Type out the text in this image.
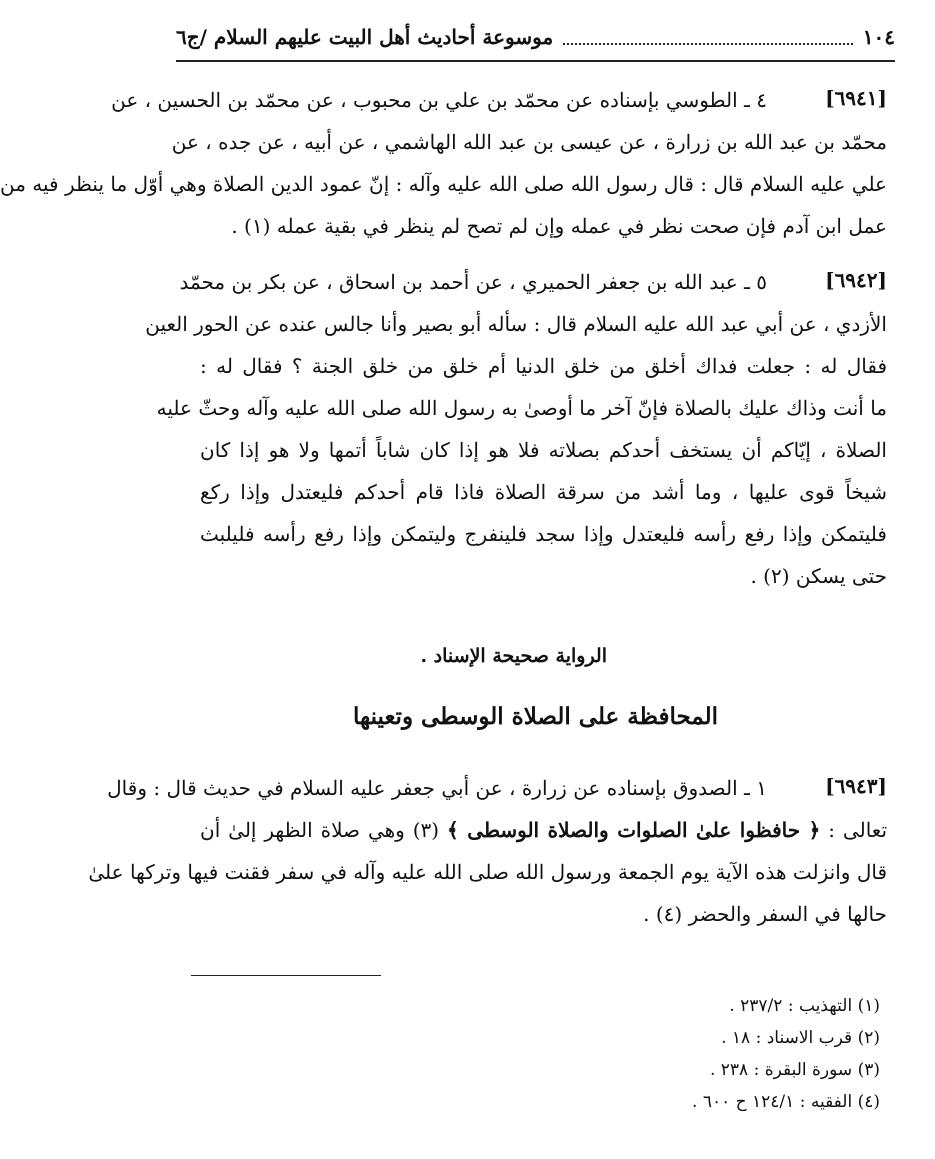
١٠٤
موسوعة أحاديث أهل البيت عليهم السلام /ج٦
[٦٩٤١]
٤ ـ الطوسي بإسناده عن محمّد بن علي بن محبوب ، عن محمّد بن الحسين ، عن
محمّد بن عبد الله بن زرارة ، عن عيسى بن عبد الله الهاشمي ، عن أبيه ، عن جده ، عن
علي عليه السلام قال : قال رسول الله صلى الله عليه وآله : إنّ عمود الدين الصلاة وهي أوّل ما ينظر فيه من
عمل ابن آدم فإن صحت نظر في عمله وإن لم تصح لم ينظر في بقية عمله (١) .
[٦٩٤٢]
٥ ـ عبد الله بن جعفر الحميري ، عن أحمد بن اسحاق ، عن بكر بن محمّد
الأزدي ، عن أبي عبد الله عليه السلام قال : سأله أبو بصير وأنا جالس عنده عن الحور العين
فقال له : جعلت فداك أخلق من خلق الدنيا أم خلق من خلق الجنة ؟ فقال له :
ما أنت وذاك عليك بالصلاة فإنّ آخر ما أوصىٰ به رسول الله صلى الله عليه وآله وحثّ عليه
الصلاة ، إيّاكم أن يستخف أحدكم بصلاته فلا هو إذا كان شاباً أتمها ولا هو إذا كان
شيخاً قوى عليها ، وما أشد من سرقة الصلاة فاذا قام أحدكم فليعتدل وإذا ركع
فليتمكن وإذا رفع رأسه فليعتدل وإذا سجد فلينفرج وليتمكن وإذا رفع رأسه فليلبث
حتى يسكن (٢) .
الرواية صحيحة الإسناد .
المحافظة على الصلاة الوسطى وتعينها
[٦٩٤٣]
١ ـ الصدوق بإسناده عن زرارة ، عن أبي جعفر عليه السلام في حديث قال : وقال
تعالى : ﴿ حافظوا علىٰ الصلوات والصلاة الوسطى ﴾ (٣) وهي صلاة الظهر إلىٰ أن
قال وانزلت هذه الآية يوم الجمعة ورسول الله صلى الله عليه وآله في سفر فقنت فيها وتركها علىٰ
حالها في السفر والحضر (٤) .
(١) التهذيب : ٢٣٧/٢ .
(٢) قرب الاسناد : ١٨ .
(٣) سورة البقرة : ٢٣٨ .
(٤) الفقيه : ١٢٤/١ ح ٦٠٠ .
